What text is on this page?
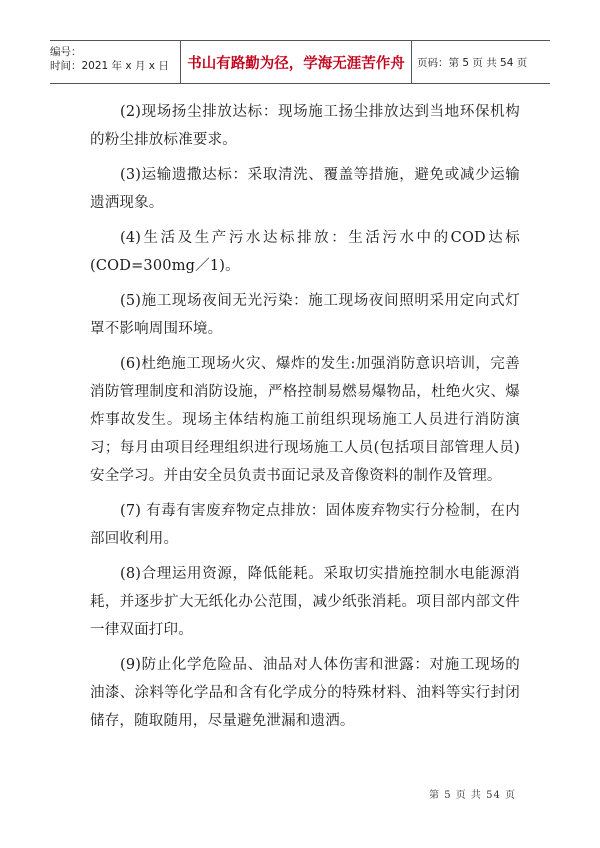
编号：
时间：2021 年 x 月 x 日	书山有路勤为径，学海无涯苦作舟	页码：第 5 页 共 54 页

(2)现场扬尘排放达标：现场施工扬尘排放达到当地环保机构的粉尘排放标准要求。

(3)运输遗撒达标：采取清洗、覆盖等措施，避免或减少运输遗洒现象。

(4)生活及生产污水达标排放：生活污水中的COD达标(COD=300mg／1)。

(5)施工现场夜间无光污染：施工现场夜间照明采用定向式灯罩不影响周围环境。

(6)杜绝施工现场火灾、爆炸的发生:加强消防意识培训，完善消防管理制度和消防设施，严格控制易燃易爆物品，杜绝火灾、爆炸事故发生。现场主体结构施工前组织现场施工人员进行消防演习；每月由项目经理组织进行现场施工人员(包括项目部管理人员)安全学习。并由安全员负责书面记录及音像资料的制作及管理。

(7) 有毒有害废弃物定点排放：固体废弃物实行分检制，在内部回收利用。

(8)合理运用资源，降低能耗。采取切实措施控制水电能源消耗，并逐步扩大无纸化办公范围，减少纸张消耗。项目部内部文件一律双面打印。

(9)防止化学危险品、油品对人体伤害和泄露：对施工现场的油漆、涂料等化学品和含有化学成分的特殊材料、油料等实行封闭储存，随取随用，尽量避免泄漏和遗洒。

第 5 页 共 54 页
